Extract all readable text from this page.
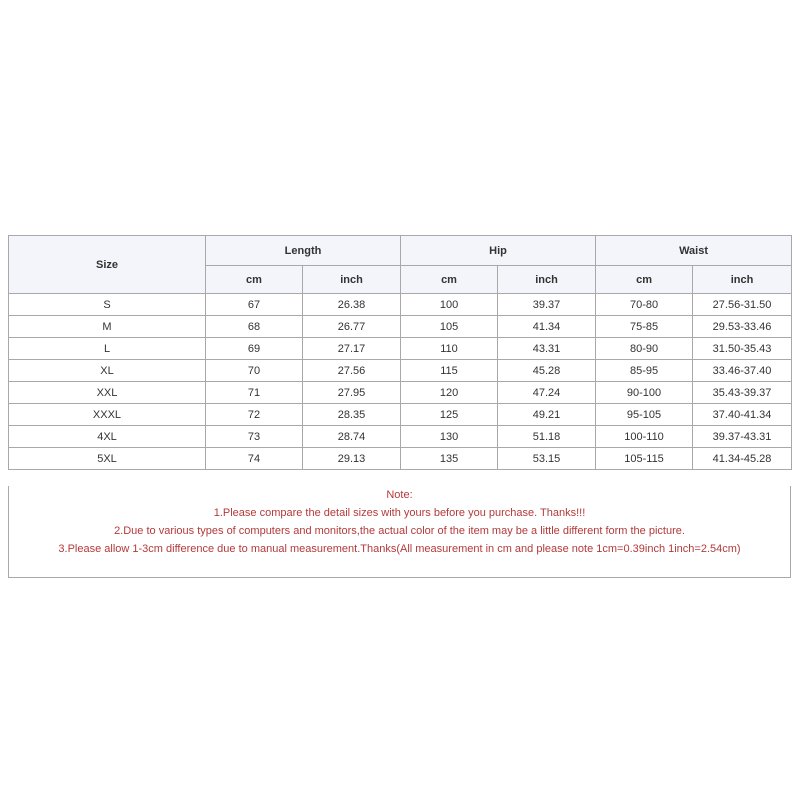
Size	Length		Hip		Waist	
	cm	inch	cm	inch	cm	inch
S	67	26.38	100	39.37	70-80	27.56-31.50
M	68	26.77	105	41.34	75-85	29.53-33.46
L	69	27.17	110	43.31	80-90	31.50-35.43
XL	70	27.56	115	45.28	85-95	33.46-37.40
XXL	71	27.95	120	47.24	90-100	35.43-39.37
XXXL	72	28.35	125	49.21	95-105	37.40-41.34
4XL	73	28.74	130	51.18	100-110	39.37-43.31
5XL	74	29.13	135	53.15	105-115	41.34-45.28
Note:
1.Please compare the detail sizes with yours before you purchase. Thanks!!!
2.Due to various types of computers and monitors,the actual color of the item may be a little different form the picture.
3.Please allow 1-3cm difference due to manual measurement.Thanks(All measurement in cm and please note 1cm=0.39inch 1inch=2.54cm)
